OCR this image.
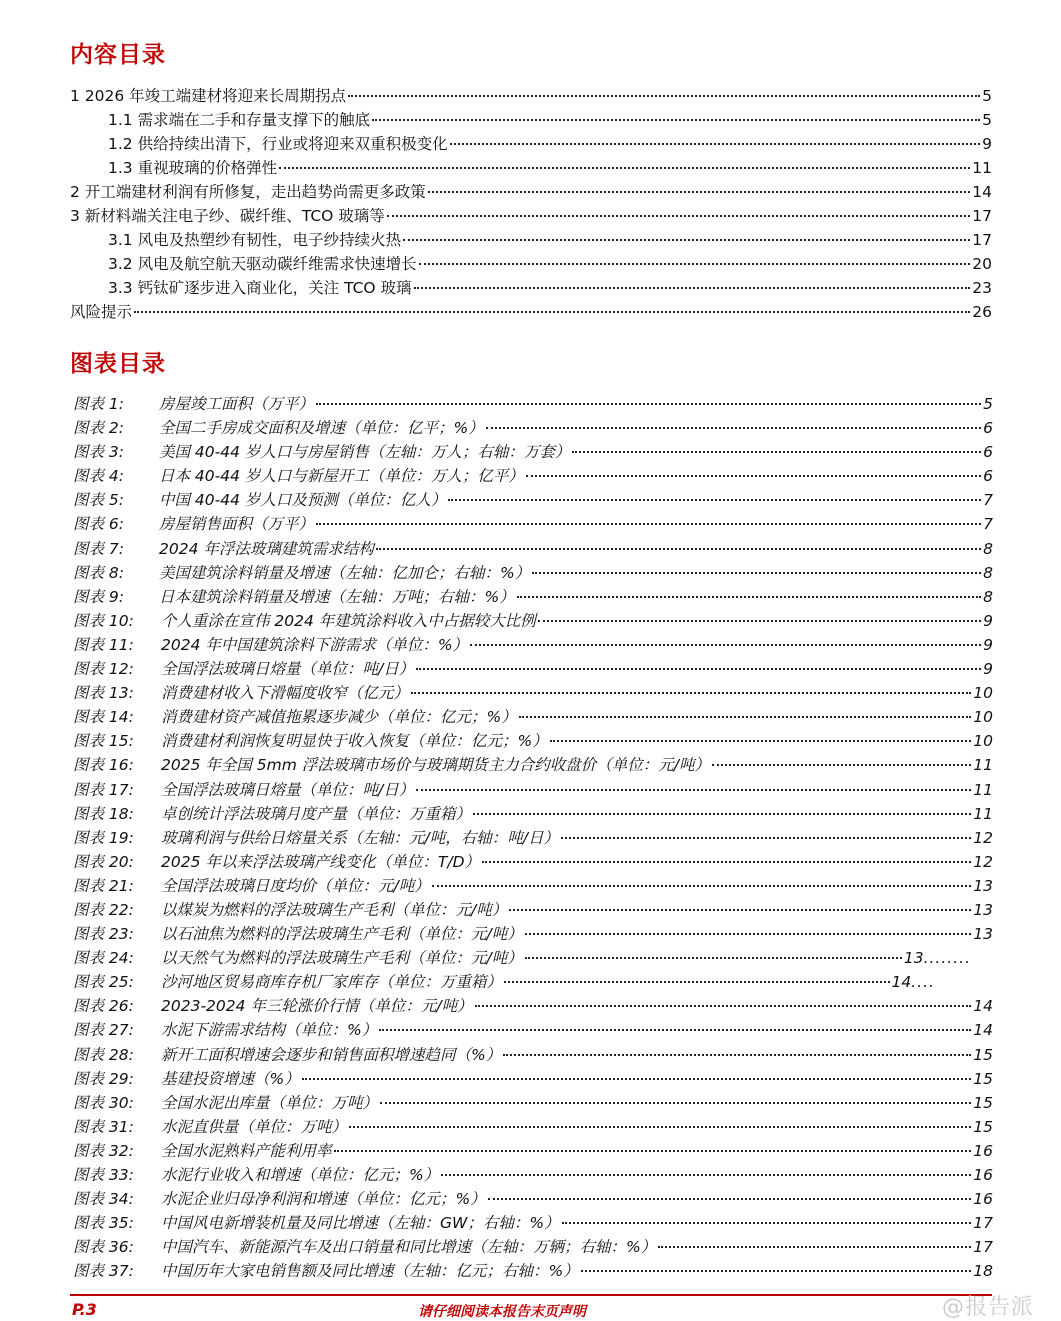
内容目录
1 2026 年竣工端建材将迎来长周期拐点	5
1.1 需求端在二手和存量支撑下的触底	5
1.2 供给持续出清下，行业或将迎来双重积极变化	9
1.3 重视玻璃的价格弹性	11
2 开工端建材利润有所修复，走出趋势尚需更多政策	14
3 新材料端关注电子纱、碳纤维、TCO 玻璃等	17
3.1 风电及热塑纱有韧性，电子纱持续火热	17
3.2 风电及航空航天驱动碳纤维需求快速增长	20
3.3 钙钛矿逐步进入商业化，关注 TCO 玻璃	23
风险提示	26
图表目录
图表 1:	房屋竣工面积（万平）	5
图表 2:	全国二手房成交面积及增速（单位：亿平；%）	6
图表 3:	美国 40-44 岁人口与房屋销售（左轴：万人；右轴：万套）	6
图表 4:	日本 40-44 岁人口与新屋开工（单位：万人；亿平）	6
图表 5:	中国 40-44 岁人口及预测（单位：亿人）	7
图表 6:	房屋销售面积（万平）	7
图表 7:	2024 年浮法玻璃建筑需求结构	8
图表 8:	美国建筑涂料销量及增速（左轴：亿加仑；右轴：%）	8
图表 9:	日本建筑涂料销量及增速（左轴：万吨；右轴：%）	8
图表 10:	个人重涂在宣伟 2024 年建筑涂料收入中占据较大比例	9
图表 11:	2024 年中国建筑涂料下游需求（单位：%）	9
图表 12:	全国浮法玻璃日熔量（单位：吨/日）	9
图表 13:	消费建材收入下滑幅度收窄（亿元）	10
图表 14:	消费建材资产减值拖累逐步减少（单位：亿元；%）	10
图表 15:	消费建材利润恢复明显快于收入恢复（单位：亿元；%）	10
图表 16:	2025 年全国 5mm 浮法玻璃市场价与玻璃期货主力合约收盘价（单位：元/吨）	11
图表 17:	全国浮法玻璃日熔量（单位：吨/日）	11
图表 18:	卓创统计浮法玻璃月度产量（单位：万重箱）	11
图表 19:	玻璃利润与供给日熔量关系（左轴：元/吨，右轴：吨/日）	12
图表 20:	2025 年以来浮法玻璃产线变化（单位：T/D）	12
图表 21:	全国浮法玻璃日度均价（单位：元/吨）	13
图表 22:	以煤炭为燃料的浮法玻璃生产毛利（单位：元/吨）	13
图表 23:	以石油焦为燃料的浮法玻璃生产毛利（单位：元/吨）	13
图表 24:	以天然气为燃料的浮法玻璃生产毛利（单位：元/吨）	13 ........
图表 25:	沙河地区贸易商库存机厂家库存（单位：万重箱）	14 ....
图表 26:	2023-2024 年三轮涨价行情（单位：元/吨）	14
图表 27:	水泥下游需求结构（单位：%）	14
图表 28:	新开工面积增速会逐步和销售面积增速趋同（%）	15
图表 29:	基建投资增速（%）	15
图表 30:	全国水泥出库量（单位：万吨）	15
图表 31:	水泥直供量（单位：万吨）	15
图表 32:	全国水泥熟料产能利用率	16
图表 33:	水泥行业收入和增速（单位：亿元；%）	16
图表 34:	水泥企业归母净利润和增速（单位：亿元；%）	16
图表 35:	中国风电新增装机量及同比增速（左轴：GW；右轴：%）	17
图表 36:	中国汽车、新能源汽车及出口销量和同比增速（左轴：万辆；右轴：%）	17
图表 37:	中国历年大家电销售额及同比增速（左轴：亿元；右轴：%）	18
P.3	请仔细阅读本报告末页声明	@报告派
